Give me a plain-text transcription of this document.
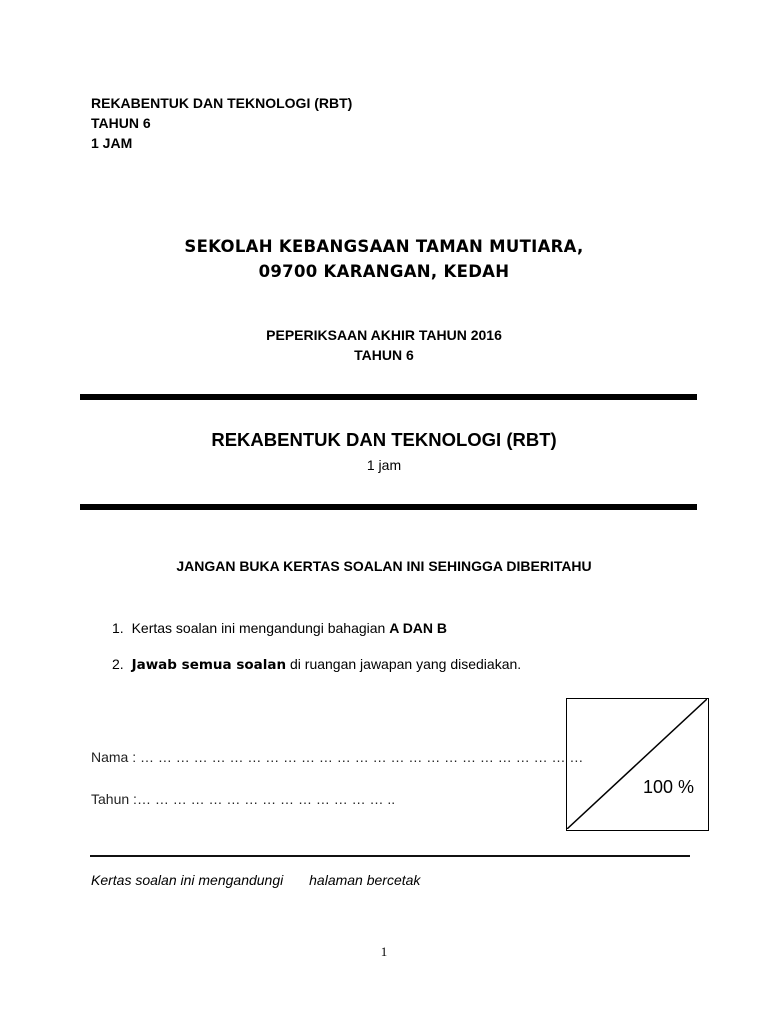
REKABENTUK DAN TEKNOLOGI (RBT)
TAHUN 6
1 JAM
SEKOLAH KEBANGSAAN TAMAN MUTIARA,
09700 KARANGAN, KEDAH
PEPERIKSAAN AKHIR TAHUN 2016
TAHUN 6
REKABENTUK DAN TEKNOLOGI (RBT)
1 jam
JANGAN BUKA KERTAS SOALAN INI SEHINGGA DIBERITAHU
1. Kertas soalan ini mengandungi bahagian A DAN B
2. Jawab semua soalan di ruangan jawapan yang disediakan.
Nama : … … … … … … … … … … … … … … … … … … … … … … … … …
Tahun :… … … … … … … … … … … … … … ..
100 %
Kertas soalan ini mengandungi halaman bercetak
1
